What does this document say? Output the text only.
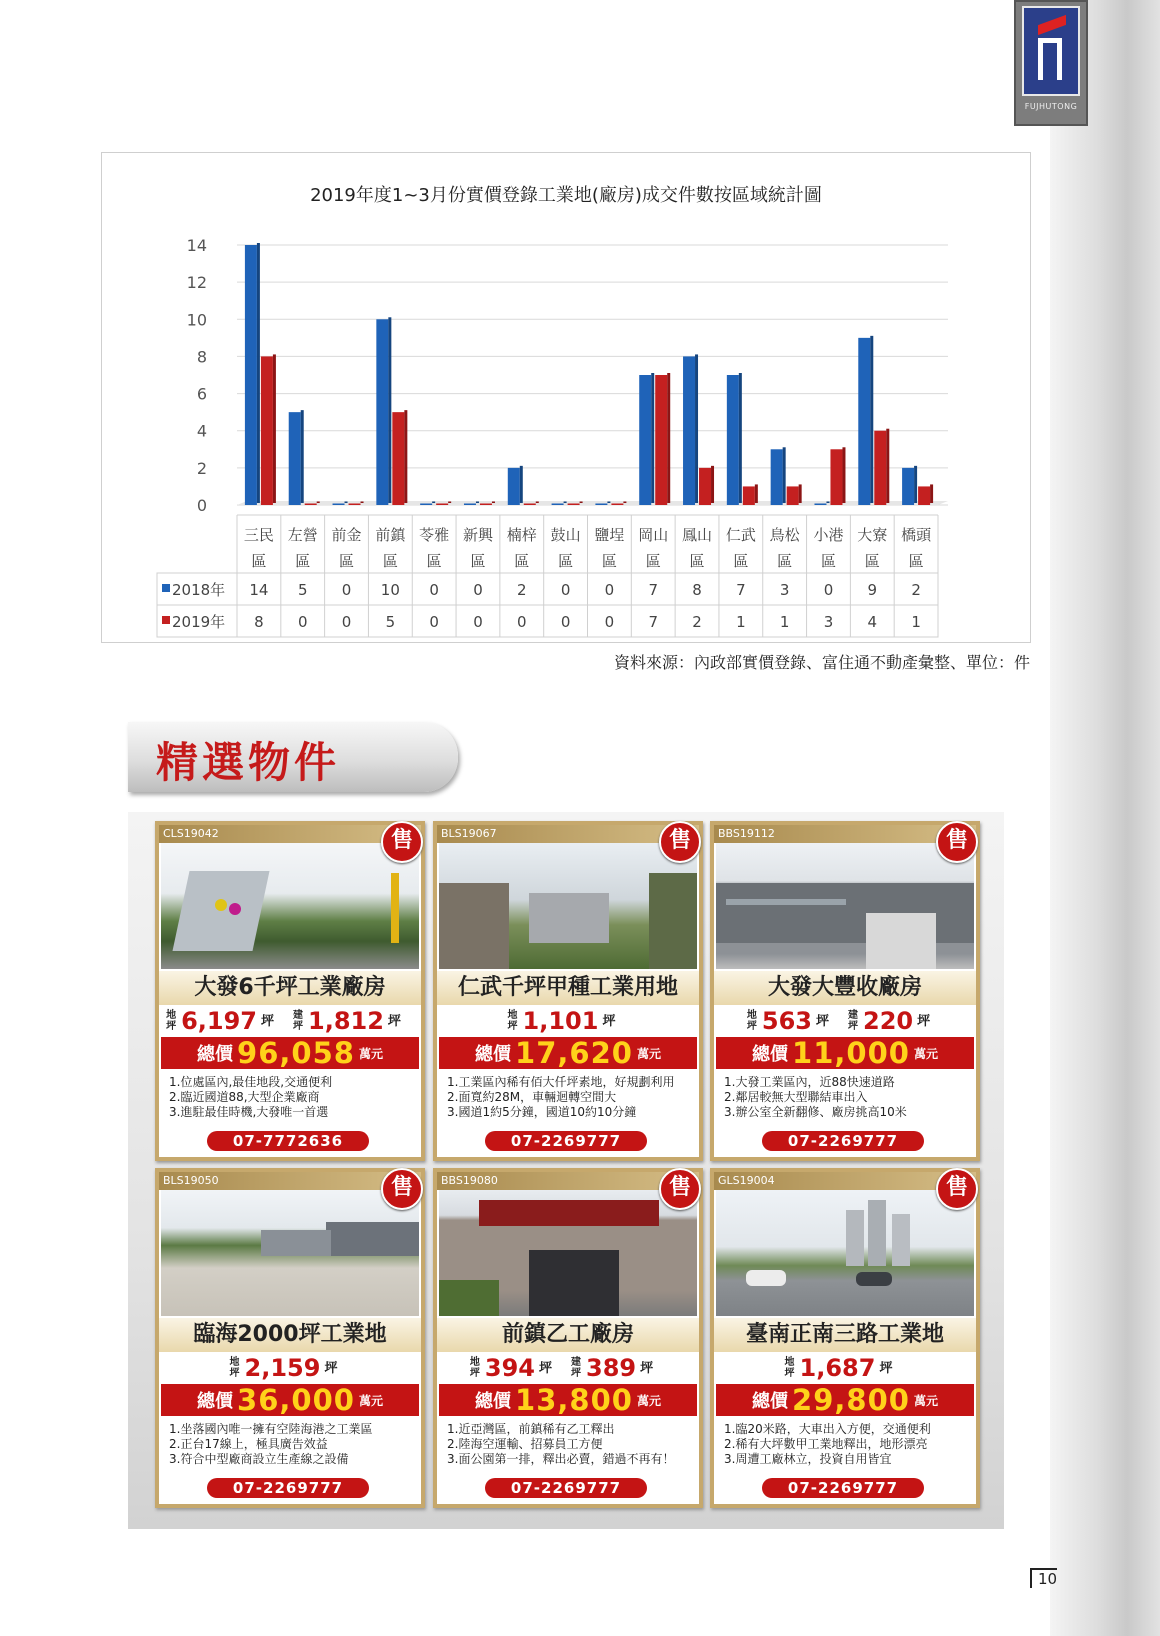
FUJHUTONG
2019年度1~3月份實價登錄工業地(廠房)成交件數按區域統計圖
0
2
4
6
8
10
12
14
三民
區
左營
區
前金
區
前鎮
區
苓雅
區
新興
區
楠梓
區
鼓山
區
鹽埕
區
岡山
區
鳳山
區
仁武
區
鳥松
區
小港
區
大寮
區
橋頭
區
2018年 14 5 0 10 0 0 2 0 0 7 8 7 3 0 9 2
2019年 8 0 0 5 0 0 0 0 0 7 2 1 1 3 4 1
資料來源：內政部實價登錄、富住通不動產彙整、單位：件
精選物件
CLS19042	售
大發6千坪工業廠房
地
坪 6,197 坪 建
坪 1,812 坪
總價 96,058 萬元
1.位處區內,最佳地段,交通便利
2.臨近國道88,大型企業廠商
3.進駐最佳時機,大發唯一首選
07-7772636
BLS19067	售
仁武千坪甲種工業用地
地
坪 1,101 坪
總價 17,620 萬元
1.工業區內稀有佰大仟坪素地，好規劃利用
2.面寬約28M，車輛迴轉空間大
3.國道1約5分鐘，國道10約10分鐘
07-2269777
BBS19112	售
大發大豐收廠房
地
坪 563 坪 建
坪 220 坪
總價 11,000 萬元
1.大發工業區內，近88快速道路
2.鄰居較無大型聯結車出入
3.辦公室全新翻修、廠房挑高10米
07-2269777
BLS19050	售
臨海2000坪工業地
地
坪 2,159 坪
總價 36,000 萬元
1.坐落國內唯一擁有空陸海港之工業區
2.正台17線上，極具廣告效益
3.符合中型廠商設立生產線之設備
07-2269777
BBS19080	售
前鎮乙工廠房
地
坪 394 坪 建
坪 389 坪
總價 13,800 萬元
1.近亞灣區，前鎮稀有乙工釋出
2.陸海空運輸、招募員工方便
3.面公園第一排，釋出必賣，錯過不再有！
07-2269777
GLS19004	售
臺南正南三路工業地
地
坪 1,687 坪
總價 29,800 萬元
1.臨20米路，大車出入方便，交通便利
2.稀有大坪數甲工業地釋出，地形漂亮
3.周遭工廠林立，投資自用皆宜
07-2269777
10
